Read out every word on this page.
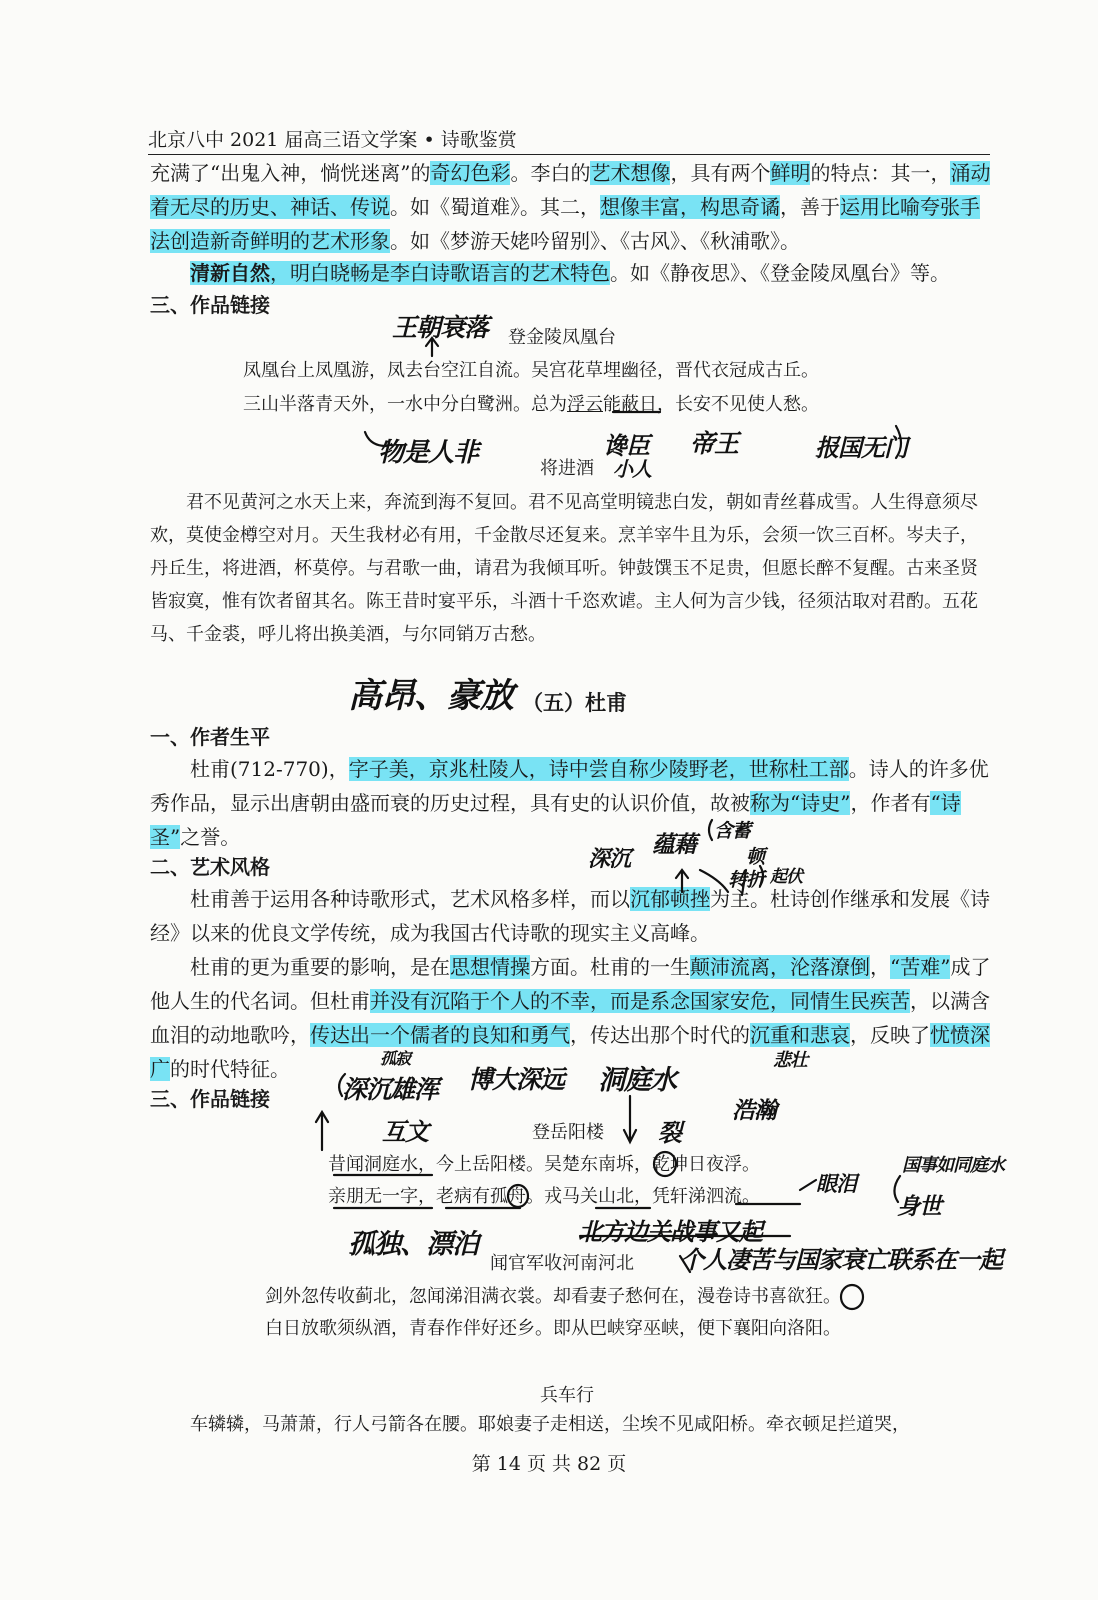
北京八中 2021 届高三语文学案 • 诗歌鉴赏

充满了“出鬼入神，惝恍迷离”的奇幻色彩。李白的艺术想像，具有两个鲜明的特点：其一，涌动着无尽的历史、神话、传说。如《蜀道难》。其二，想像丰富，构思奇谲，善于运用比喻夸张手法创造新奇鲜明的艺术形象。如《梦游天姥吟留别》、《古风》、《秋浦歌》。

清新自然，明白晓畅是李白诗歌语言的艺术特色。如《静夜思》、《登金陵凤凰台》等。

三、作品链接
登金陵凤凰台
凤凰台上凤凰游，凤去台空江自流。吴宫花草埋幽径，晋代衣冠成古丘。
三山半落青天外，一水中分白鹭洲。总为浮云能蔽日，长安不见使人愁。
将进酒

君不见黄河之水天上来，奔流到海不复回。君不见高堂明镜悲白发，朝如青丝暮成雪。人生得意须尽欢，莫使金樽空对月。天生我材必有用，千金散尽还复来。烹羊宰牛且为乐，会须一饮三百杯。岑夫子，丹丘生，将进酒，杯莫停。与君歌一曲，请君为我倾耳听。钟鼓馔玉不足贵，但愿长醉不复醒。古来圣贤皆寂寞，惟有饮者留其名。陈王昔时宴平乐，斗酒十千恣欢谑。主人何为言少钱，径须沽取对君酌。五花马、千金裘，呼儿将出换美酒，与尔同销万古愁。

（五）杜甫
一、作者生平

杜甫(712-770)，字子美，京兆杜陵人，诗中尝自称少陵野老，世称杜工部。诗人的许多优秀作品，显示出唐朝由盛而衰的历史过程，具有史的认识价值，故被称为“诗史”，作者有“诗圣”之誉。

二、艺术风格

杜甫善于运用各种诗歌形式，艺术风格多样，而以沉郁顿挫为主。杜诗创作继承和发展《诗经》以来的优良文学传统，成为我国古代诗歌的现实主义高峰。

杜甫的更为重要的影响，是在思想情操方面。杜甫的一生颠沛流离，沦落潦倒，“苦难”成了他人生的代名词。但杜甫并没有沉陷于个人的不幸，而是系念国家安危，同情生民疾苦，以满含血泪的动地歌吟，传达出一个儒者的良知和勇气，传达出那个时代的沉重和悲哀，反映了忧愤深广的时代特征。

三、作品链接
登岳阳楼
昔闻洞庭水，今上岳阳楼。吴楚东南坼，乾坤日夜浮。
亲朋无一字，老病有孤舟。戎马关山北，凭轩涕泗流。
闻官军收河南河北
剑外忽传收蓟北，忽闻涕泪满衣裳。却看妻子愁何在，漫卷诗书喜欲狂。
白日放歌须纵酒，青春作伴好还乡。即从巴峡穿巫峡，便下襄阳向洛阳。
兵车行
车辚辚，马萧萧，行人弓箭各在腰。耶娘妻子走相送，尘埃不见咸阳桥。牵衣顿足拦道哭，
第 14 页 共 82 页
王朝衰落
物是人非	谗臣 帝王	报国无门
小人
高昂、豪放
深沉
蕴藉
含蓄
转折
顿
起伏
悲壮
深沉雄浑 博大深远 洞庭水
孤寂
互文	裂
浩瀚
眼泪
国事如同庭水
身世
孤独、漂泊	北方边关战事又起
个人凄苦与国家衰亡联系在一起
